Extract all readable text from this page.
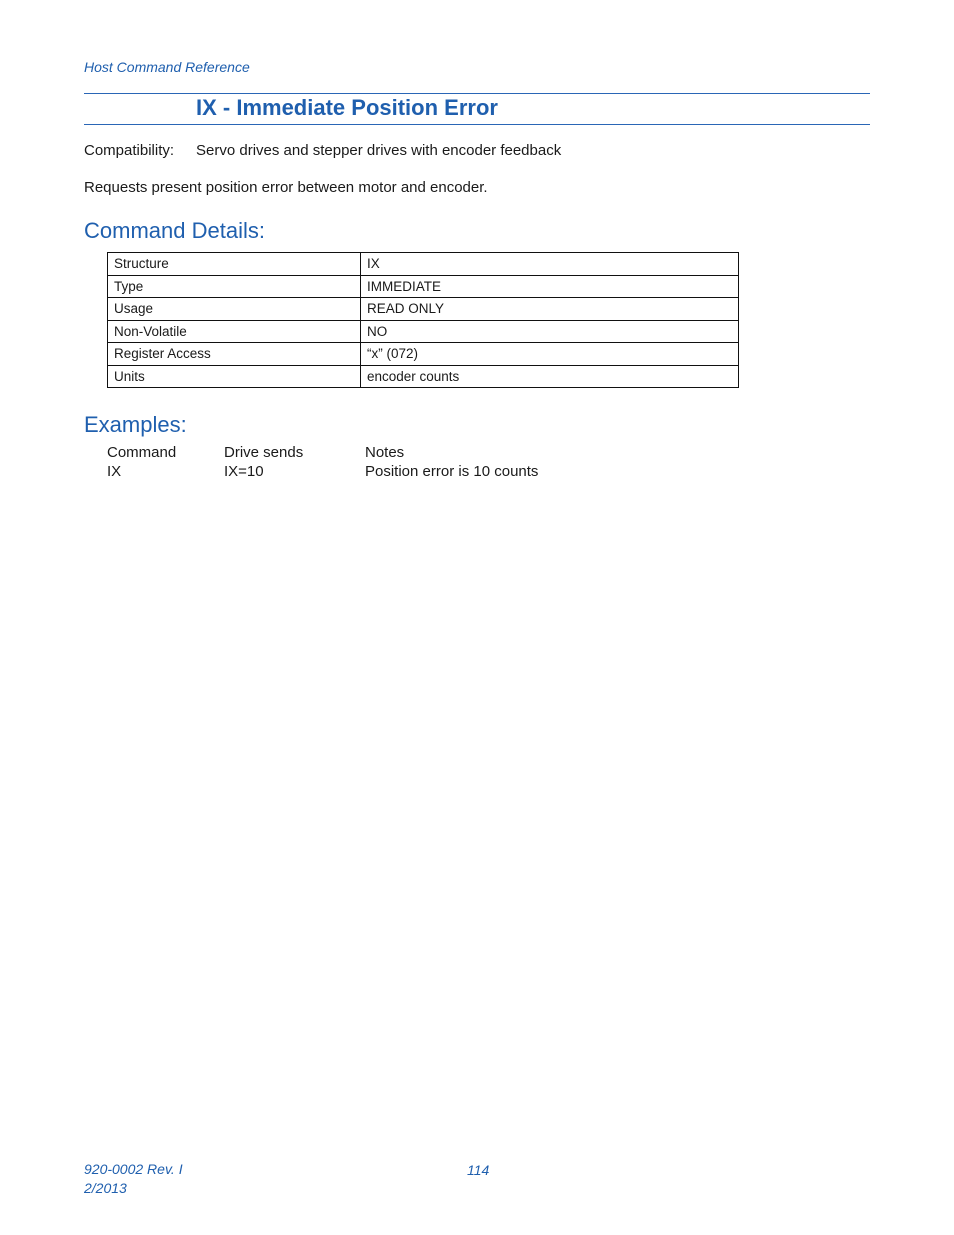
Host Command Reference
IX - Immediate Position Error
Compatibility: Servo drives and stepper drives with encoder feedback
Requests present position error between motor and encoder.
Command Details:
Structure	IX
Type	IMMEDIATE
Usage	READ ONLY
Non-Volatile	NO
Register Access	“x” (072)
Units	encoder counts
Examples:
Command	Drive sends	Notes
IX	IX=10	Position error is 10 counts
920-0002 Rev. I
2/2013
114
